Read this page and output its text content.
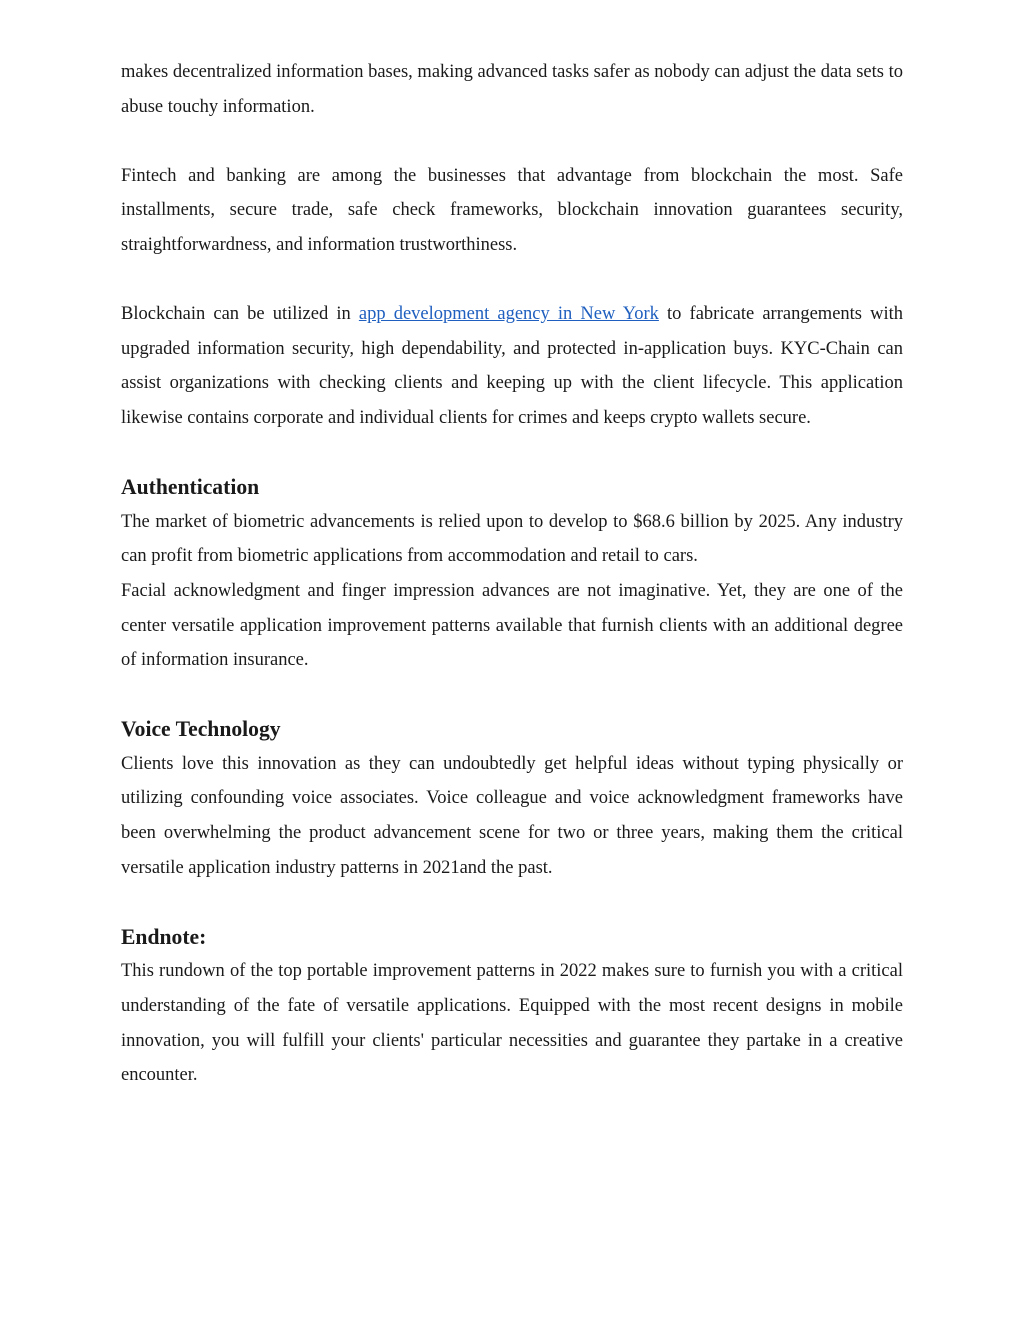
makes decentralized information bases, making advanced tasks safer as nobody can adjust the data sets to abuse touchy information.

Fintech and banking are among the businesses that advantage from blockchain the most. Safe installments, secure trade, safe check frameworks, blockchain innovation guarantees security, straightforwardness, and information trustworthiness.

Blockchain can be utilized in app development agency in New York to fabricate arrangements with upgraded information security, high dependability, and protected in-application buys. KYC-Chain can assist organizations with checking clients and keeping up with the client lifecycle. This application likewise contains corporate and individual clients for crimes and keeps crypto wallets secure.

Authentication

The market of biometric advancements is relied upon to develop to $68.6 billion by 2025. Any industry can profit from biometric applications from accommodation and retail to cars.

Facial acknowledgment and finger impression advances are not imaginative. Yet, they are one of the center versatile application improvement patterns available that furnish clients with an additional degree of information insurance.

Voice Technology

Clients love this innovation as they can undoubtedly get helpful ideas without typing physically or utilizing confounding voice associates. Voice colleague and voice acknowledgment frameworks have been overwhelming the product advancement scene for two or three years, making them the critical versatile application industry patterns in 2021and the past.

Endnote:

This rundown of the top portable improvement patterns in 2022 makes sure to furnish you with a critical understanding of the fate of versatile applications. Equipped with the most recent designs in mobile innovation, you will fulfill your clients' particular necessities and guarantee they partake in a creative encounter.
